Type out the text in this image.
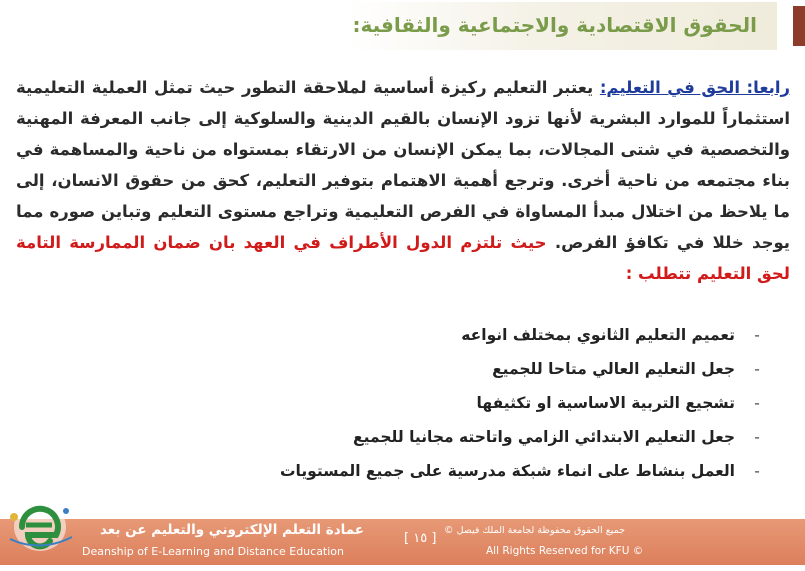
الحقوق الاقتصادية والاجتماعية والثقافية:
رابعا: الحق في التعليم: يعتبر التعليم ركيزة أساسية لملاحقة التطور حيث تمثل العملية التعليمية استثماراً للموارد البشرية لأنها تزود الإنسان بالقيم الدينية والسلوكية إلى جانب المعرفة المهنية والتخصصية في شتى المجالات، بما يمكن الإنسان من الارتقاء بمستواه من ناحية والمساهمة في بناء مجتمعه من ناحية أخرى. وترجع أهمية الاهتمام بتوفير التعليم، كحق من حقوق الانسان، إلى ما يلاحظ من اختلال مبدأ المساواة في الفرص التعليمية وتراجع مستوى التعليم وتباين صوره مما يوجد خللا في تكافؤ الفرص. حيث تلتزم الدول الأطراف في العهد بان ضمان الممارسة التامة لحق التعليم تتطلب :
-
تعميم التعليم الثانوي بمختلف انواعه
-
جعل التعليم العالي متاحا للجميع
-
تشجيع التربية الاساسية او تكثيفها
-
جعل التعليم الابتدائي الزامي واتاحته مجانيا للجميع
-
العمل بنشاط على انماء شبكة مدرسية على جميع المستويات
عمادة التعلم الإلكتروني والتعليم عن بعد
Deanship of E-Learning and Distance Education
[ ١٥ ]
جميع الحقوق محفوظة لجامعة الملك فيصل ©
All Rights Reserved for KFU ©
